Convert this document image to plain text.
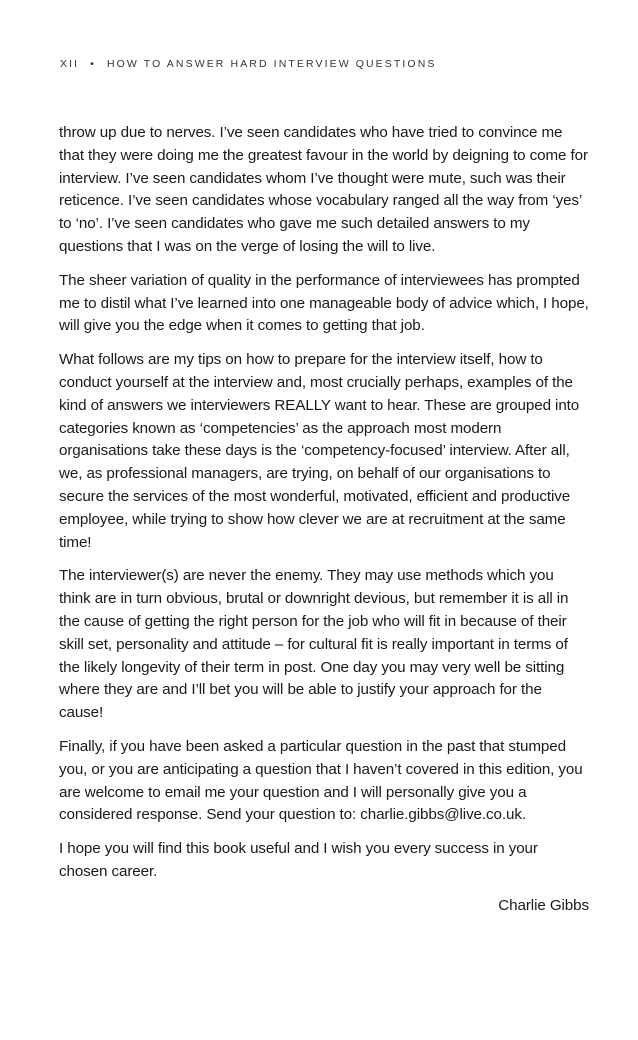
XII • HOW TO ANSWER HARD INTERVIEW QUESTIONS

throw up due to nerves. I’ve seen candidates who have tried to convince me that they were doing me the greatest favour in the world by deigning to come for interview. I’ve seen candidates whom I’ve thought were mute, such was their reticence. I’ve seen candidates whose vocabulary ranged all the way from ‘yes’ to ‘no’. I’ve seen candidates who gave me such detailed answers to my questions that I was on the verge of losing the will to live.

The sheer variation of quality in the performance of interviewees has prompted me to distil what I’ve learned into one manageable body of advice which, I hope, will give you the edge when it comes to getting that job.

What follows are my tips on how to prepare for the interview itself, how to conduct yourself at the interview and, most crucially perhaps, examples of the kind of answers we interviewers REALLY want to hear. These are grouped into categories known as ‘competencies’ as the approach most modern organisations take these days is the ‘competency-focused’ interview. After all, we, as professional managers, are trying, on behalf of our organisations to secure the services of the most wonderful, motivated, efficient and productive employee, while trying to show how clever we are at recruitment at the same time!

The interviewer(s) are never the enemy. They may use methods which you think are in turn obvious, brutal or downright devious, but remember it is all in the cause of getting the right person for the job who will fit in because of their skill set, personality and attitude – for cultural fit is really important in terms of the likely longevity of their term in post. One day you may very well be sitting where they are and I’ll bet you will be able to justify your approach for the cause!

Finally, if you have been asked a particular question in the past that stumped you, or you are anticipating a question that I haven’t covered in this edition, you are welcome to email me your question and I will personally give you a considered response. Send your question to: charlie.gibbs@live.co.uk.

I hope you will find this book useful and I wish you every success in your chosen career.

Charlie Gibbs
